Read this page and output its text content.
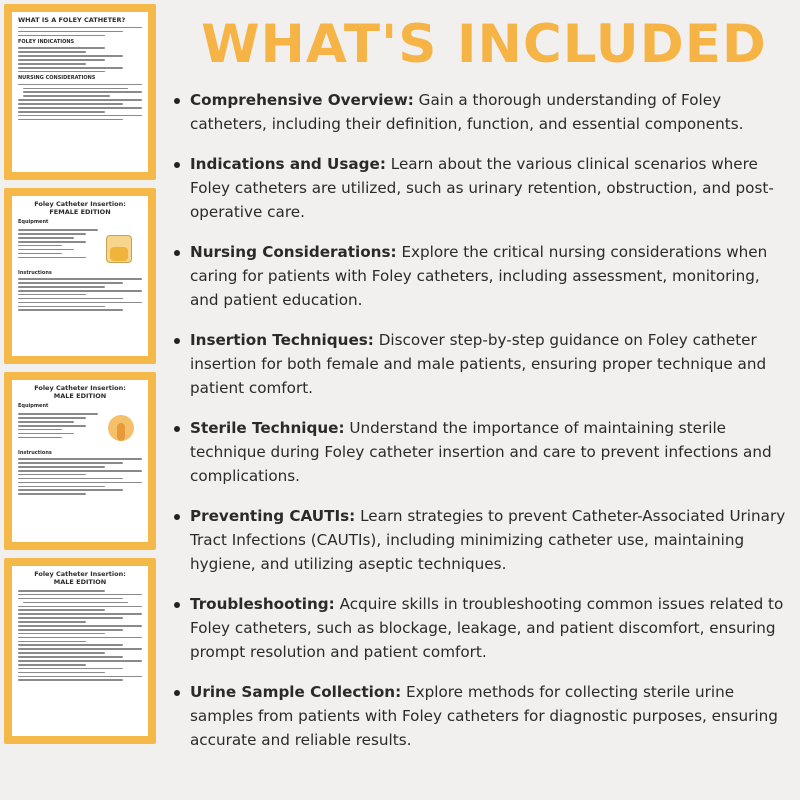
WHAT IS A FOLEY CATHETER?
FOLEY INDICATIONS
NURSING CONSIDERATIONS
Foley Catheter Insertion:
FEMALE EDITION
Equipment
Instructions
Foley Catheter Insertion:
MALE EDITION
Equipment
Instructions
Foley Catheter Insertion:
MALE EDITION
WHAT'S INCLUDED
Comprehensive Overview: Gain a thorough understanding of Foley catheters, including their definition, function, and essential components.
Indications and Usage: Learn about the various clinical scenarios where Foley catheters are utilized, such as urinary retention, obstruction, and post-operative care.
Nursing Considerations: Explore the critical nursing considerations when caring for patients with Foley catheters, including assessment, monitoring, and patient education.
Insertion Techniques: Discover step-by-step guidance on Foley catheter insertion for both female and male patients, ensuring proper technique and patient comfort.
Sterile Technique: Understand the importance of maintaining sterile technique during Foley catheter insertion and care to prevent infections and complications.
Preventing CAUTIs: Learn strategies to prevent Catheter-Associated Urinary Tract Infections (CAUTIs), including minimizing catheter use, maintaining hygiene, and utilizing aseptic techniques.
Troubleshooting: Acquire skills in troubleshooting common issues related to Foley catheters, such as blockage, leakage, and patient discomfort, ensuring prompt resolution and patient comfort.
Urine Sample Collection: Explore methods for collecting sterile urine samples from patients with Foley catheters for diagnostic purposes, ensuring accurate and reliable results.
